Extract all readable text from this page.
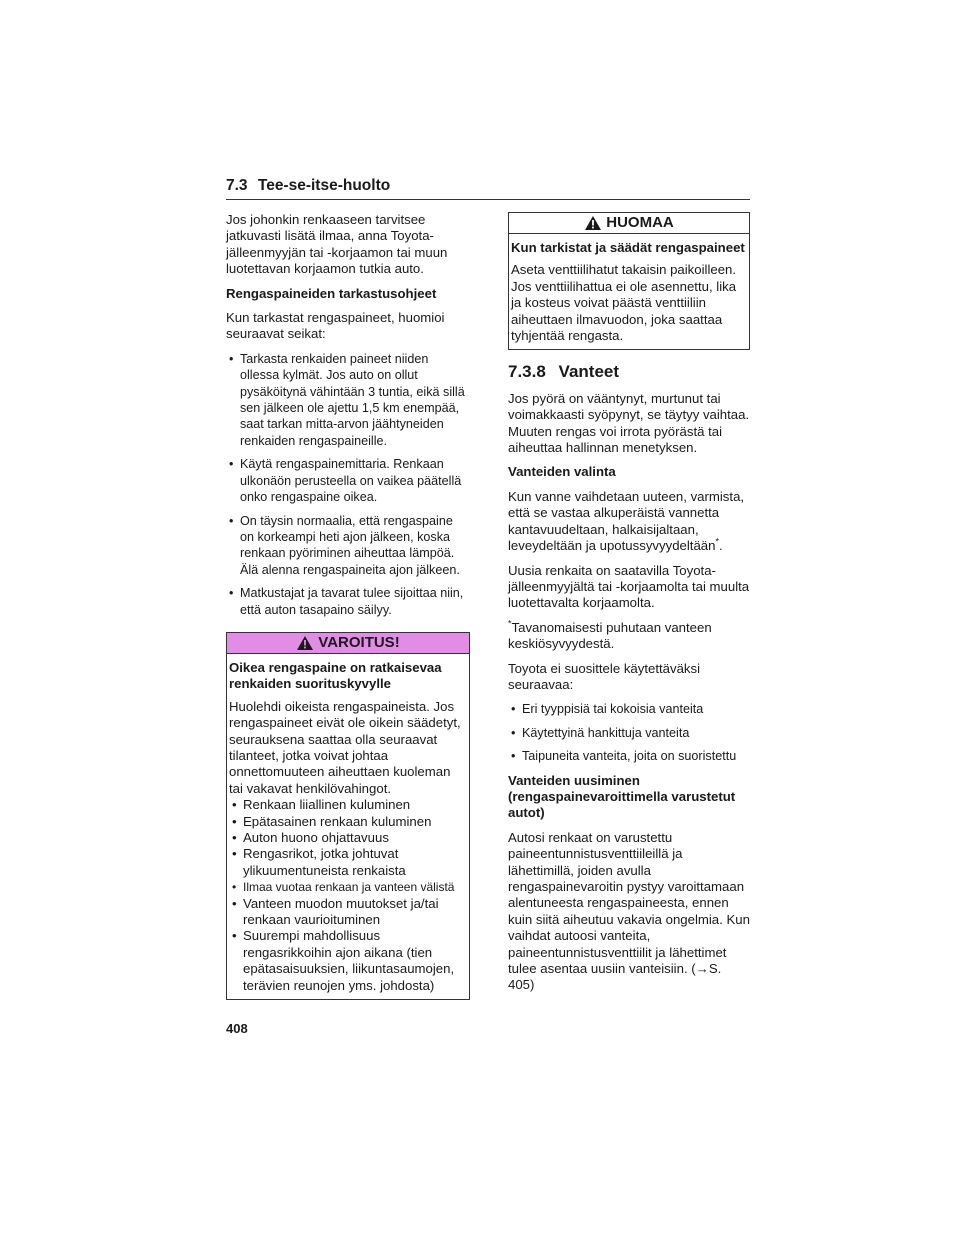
7.3 Tee-se-itse-huolto

Jos johonkin renkaaseen tarvitsee jatkuvasti lisätä ilmaa, anna Toyota-jälleenmyyjän tai -korjaamon tai muun luotettavan korjaamon tutkia auto.

Rengaspaineiden tarkastusohjeet

Kun tarkastat rengaspaineet, huomioi seuraavat seikat:

• Tarkasta renkaiden paineet niiden ollessa kylmät. Jos auto on ollut pysäköitynä vähintään 3 tuntia, eikä sillä sen jälkeen ole ajettu 1,5 km enempää, saat tarkan mitta-arvon jäähtyneiden renkaiden rengaspaineille.
• Käytä rengaspainemittaria. Renkaan ulkonäön perusteella on vaikea päätellä onko rengaspaine oikea.
• On täysin normaalia, että rengaspaine on korkeampi heti ajon jälkeen, koska renkaan pyöriminen aiheuttaa lämpöä. Älä alenna rengaspaineita ajon jälkeen.
• Matkustajat ja tavarat tulee sijoittaa niin, että auton tasapaino säilyy.
VAROITUS!

Oikea rengaspaine on ratkaisevaa renkaiden suorituskyvylle

Huolehdi oikeista rengaspaineista. Jos rengaspaineet eivät ole oikein säädetyt, seurauksena saattaa olla seuraavat tilanteet, jotka voivat johtaa onnettomuuteen aiheuttaen kuoleman tai vakavat henkilövahingot.
• Renkaan liiallinen kuluminen
• Epätasainen renkaan kuluminen
• Auton huono ohjattavuus
• Rengasrikot, jotka johtuvat ylikuumentuneista renkaista
• Ilmaa vuotaa renkaan ja vanteen välistä
• Vanteen muodon muutokset ja/tai renkaan vaurioituminen
• Suurempi mahdollisuus rengasrikkoihin ajon aikana (tien epätasaisuuksien, liikuntasaumojen, terävien reunojen yms. johdosta)
HUOMAA

Kun tarkistat ja säädät rengaspaineet

Aseta venttiilihatut takaisin paikoilleen. Jos venttiilihattua ei ole asennettu, lika ja kosteus voivat päästä venttiiliin aiheuttaen ilmavuodon, joka saattaa tyhjentää rengasta.
7.3.8 Vanteet

Jos pyörä on vääntynyt, murtunut tai voimakkaasti syöpynyt, se täytyy vaihtaa. Muuten rengas voi irrota pyörästä tai aiheuttaa hallinnan menetyksen.

Vanteiden valinta

Kun vanne vaihdetaan uuteen, varmista, että se vastaa alkuperäistä vannetta kantavuudeltaan, halkaisijaltaan, leveydeltään ja upotussyvyydeltään*.

Uusia renkaita on saatavilla Toyota-jälleenmyyjältä tai -korjaamolta tai muulta luotettavalta korjaamolta.

*Tavanomaisesti puhutaan vanteen keskiösyvyydestä.

Toyota ei suosittele käytettäväksi seuraavaa:

• Eri tyyppisiä tai kokoisia vanteita
• Käytettyinä hankittuja vanteita
• Taipuneita vanteita, joita on suoristettu

Vanteiden uusiminen (rengaspainevaroittimella varustetut autot)

Autosi renkaat on varustettu paineentunnistusventtiileillä ja lähettimillä, joiden avulla rengaspainevaroitin pystyy varoittamaan alentuneesta rengaspaineesta, ennen kuin siitä aiheutuu vakavia ongelmia. Kun vaihdat autoosi vanteita, paineentunnistusventtiilit ja lähettimet tulee asentaa uusiin vanteisiin. (→S. 405)

408
